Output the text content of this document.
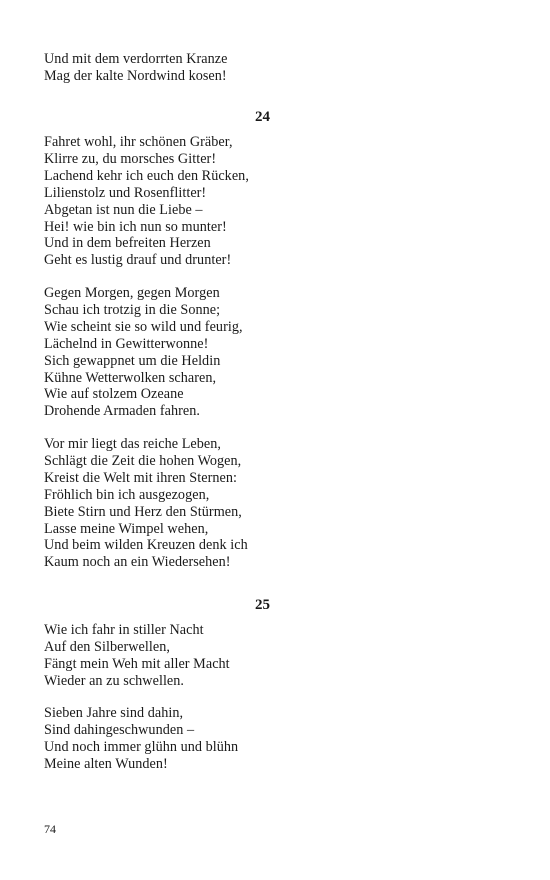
Und mit dem verdorrten Kranze
Mag der kalte Nordwind kosen!
24
Fahret wohl, ihr schönen Gräber,
Klirre zu, du morsches Gitter!
Lachend kehr ich euch den Rücken,
Lilienstolz und Rosenflitter!
Abgetan ist nun die Liebe –
Hei! wie bin ich nun so munter!
Und in dem befreiten Herzen
Geht es lustig drauf und drunter!
Gegen Morgen, gegen Morgen
Schau ich trotzig in die Sonne;
Wie scheint sie so wild und feurig,
Lächelnd in Gewitterwonne!
Sich gewappnet um die Heldin
Kühne Wetterwolken scharen,
Wie auf stolzem Ozeane
Drohende Armaden fahren.
Vor mir liegt das reiche Leben,
Schlägt die Zeit die hohen Wogen,
Kreist die Welt mit ihren Sternen:
Fröhlich bin ich ausgezogen,
Biete Stirn und Herz den Stürmen,
Lasse meine Wimpel wehen,
Und beim wilden Kreuzen denk ich
Kaum noch an ein Wiedersehen!
25
Wie ich fahr in stiller Nacht
Auf den Silberwellen,
Fängt mein Weh mit aller Macht
Wieder an zu schwellen.
Sieben Jahre sind dahin,
Sind dahingeschwunden –
Und noch immer glühn und blühn
Meine alten Wunden!
74
